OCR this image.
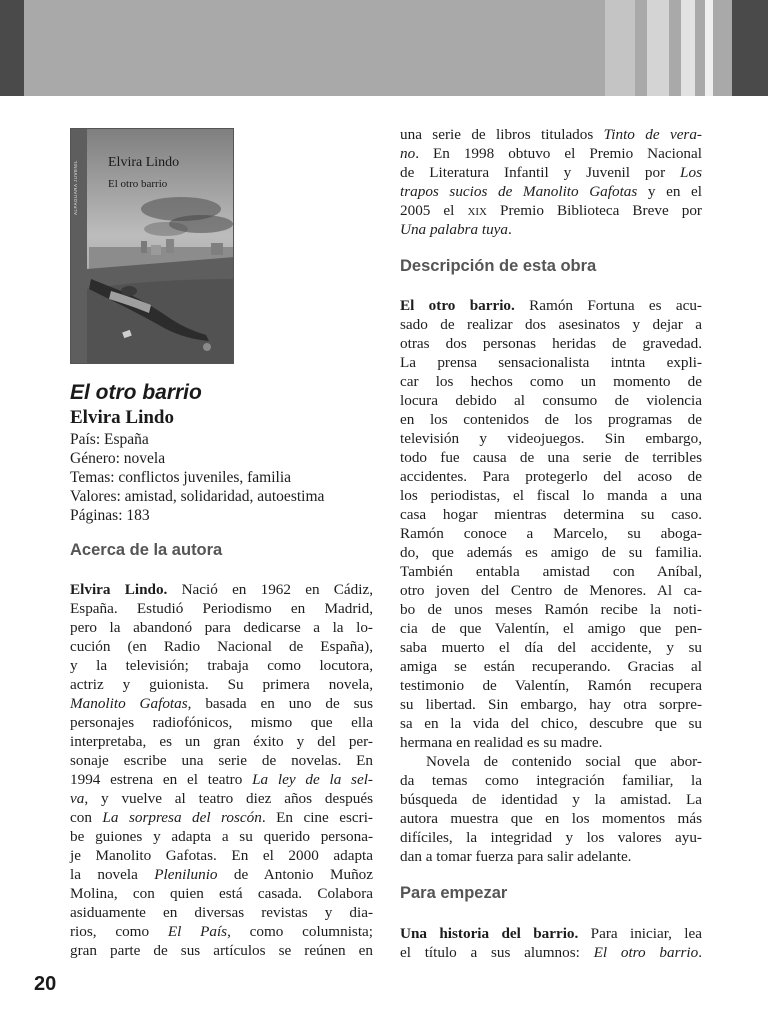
ALFAGUARA JUVENIL	Elvira Lindo
El otro barrio
El otro barrio
Elvira Lindo
País: España
Género: novela
Temas: conflictos juveniles, familia
Valores: amistad, solidaridad, autoestima
Páginas: 183
Acerca de la autora
Elvira Lindo. Nació en 1962 en Cádiz,
España. Estudió Periodismo en Madrid,
pero la abandonó para dedicarse a la lo-
cución (en Radio Nacional de España),
y la televisión; trabaja como locutora,
actriz y guionista. Su primera novela,
Manolito Gafotas, basada en uno de sus
personajes radiofónicos, mismo que ella
interpretaba, es un gran éxito y del per-
sonaje escribe una serie de novelas. En
1994 estrena en el teatro La ley de la sel-
va, y vuelve al teatro diez años después
con La sorpresa del roscón. En cine escri-
be guiones y adapta a su querido persona-
je Manolito Gafotas. En el 2000 adapta
la novela Plenilunio de Antonio Muñoz
Molina, con quien está casada. Colabora
asiduamente en diversas revistas y dia-
rios, como El País, como columnista;
gran parte de sus artículos se reúnen en
una serie de libros titulados Tinto de vera-
no. En 1998 obtuvo el Premio Nacional
de Literatura Infantil y Juvenil por Los
trapos sucios de Manolito Gafotas y en el
2005 el xix Premio Biblioteca Breve por
Una palabra tuya.
Descripción de esta obra
El otro barrio. Ramón Fortuna es acu-
sado de realizar dos asesinatos y dejar a
otras dos personas heridas de gravedad.
La prensa sensacionalista intnta expli-
car los hechos como un momento de
locura debido al consumo de violencia
en los contenidos de los programas de
televisión y videojuegos. Sin embargo,
todo fue causa de una serie de terribles
accidentes. Para protegerlo del acoso de
los periodistas, el fiscal lo manda a una
casa hogar mientras determina su caso.
Ramón conoce a Marcelo, su aboga-
do, que además es amigo de su familia.
También entabla amistad con Aníbal,
otro joven del Centro de Menores. Al ca-
bo de unos meses Ramón recibe la noti-
cia de que Valentín, el amigo que pen-
saba muerto el día del accidente, y su
amiga se están recuperando. Gracias al
testimonio de Valentín, Ramón recupera
su libertad. Sin embargo, hay otra sorpre-
sa en la vida del chico, descubre que su
hermana en realidad es su madre.
Novela de contenido social que abor-
da temas como integración familiar, la
búsqueda de identidad y la amistad. La
autora muestra que en los momentos más
difíciles, la integridad y los valores ayu-
dan a tomar fuerza para salir adelante.
Para empezar
Una historia del barrio. Para iniciar, lea
el título a sus alumnos: El otro barrio.
20
